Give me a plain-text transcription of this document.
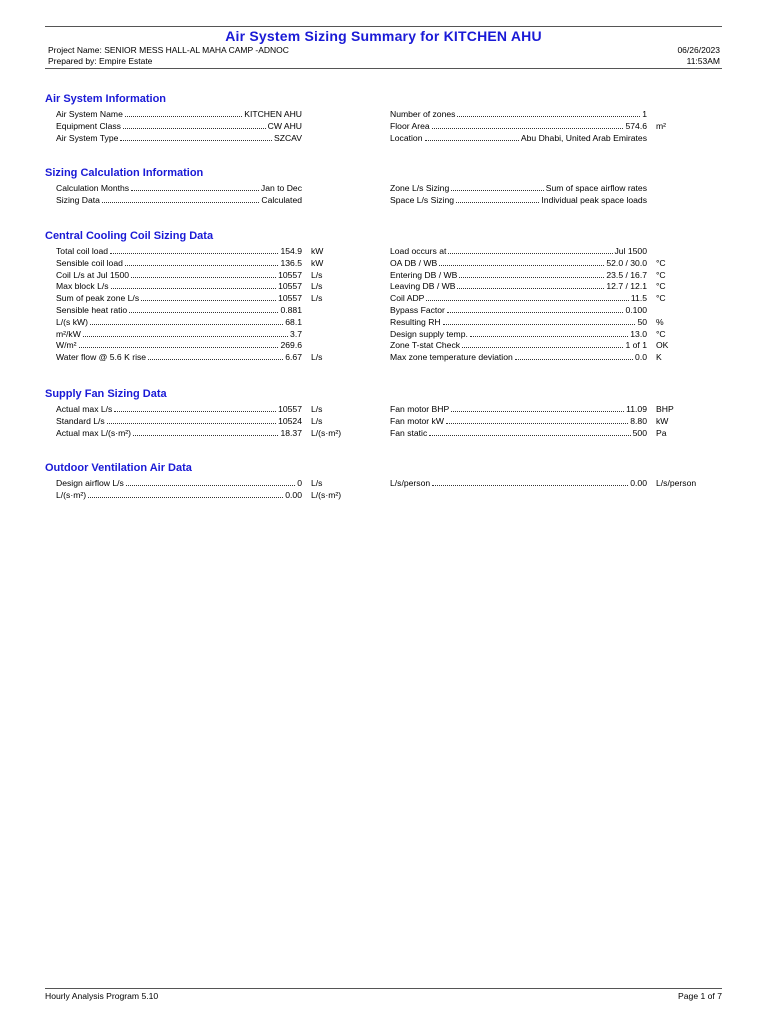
Air System Sizing Summary for KITCHEN AHU
Project Name: SENIOR MESS HALL-AL MAHA CAMP -ADNOC
Prepared by: Empire Estate
06/26/2023
11:53AM
Air System Information
Air System Name	KITCHEN AHU
Equipment Class	CW AHU
Air System Type	SZCAV
Number of zones	1
Floor Area	574.6 m²
Location	Abu Dhabi, United Arab Emirates
Sizing Calculation Information
Calculation Months	Jan to Dec
Sizing Data	Calculated
Zone L/s Sizing	Sum of space airflow rates
Space L/s Sizing	Individual peak space loads
Central Cooling Coil Sizing Data
Total coil load	154.9 kW
Sensible coil load	136.5 kW
Coil L/s at Jul 1500	10557 L/s
Max block L/s	10557 L/s
Sum of peak zone L/s	10557 L/s
Sensible heat ratio	0.881
L/(s kW)	68.1
m²/kW	3.7
W/m²	269.6
Water flow @ 5.6 K rise	6.67 L/s
Load occurs at	Jul 1500
OA DB / WB	52.0 / 30.0 °C
Entering DB / WB	23.5 / 16.7 °C
Leaving DB / WB	12.7 / 12.1 °C
Coil ADP	11.5 °C
Bypass Factor	0.100
Resulting RH	50 %
Design supply temp.	13.0 °C
Zone T-stat Check	1 of 1 OK
Max zone temperature deviation	0.0 K
Supply Fan Sizing Data
Actual max L/s	10557 L/s
Standard L/s	10524 L/s
Actual max L/(s·m²)	18.37 L/(s·m²)
Fan motor BHP	11.09 BHP
Fan motor kW	8.80 kW
Fan static	500 Pa
Outdoor Ventilation Air Data
Design airflow L/s	0 L/s
L/(s·m²)	0.00 L/(s·m²)
L/s/person	0.00 L/s/person
Hourly Analysis Program 5.10	Page 1 of 7
